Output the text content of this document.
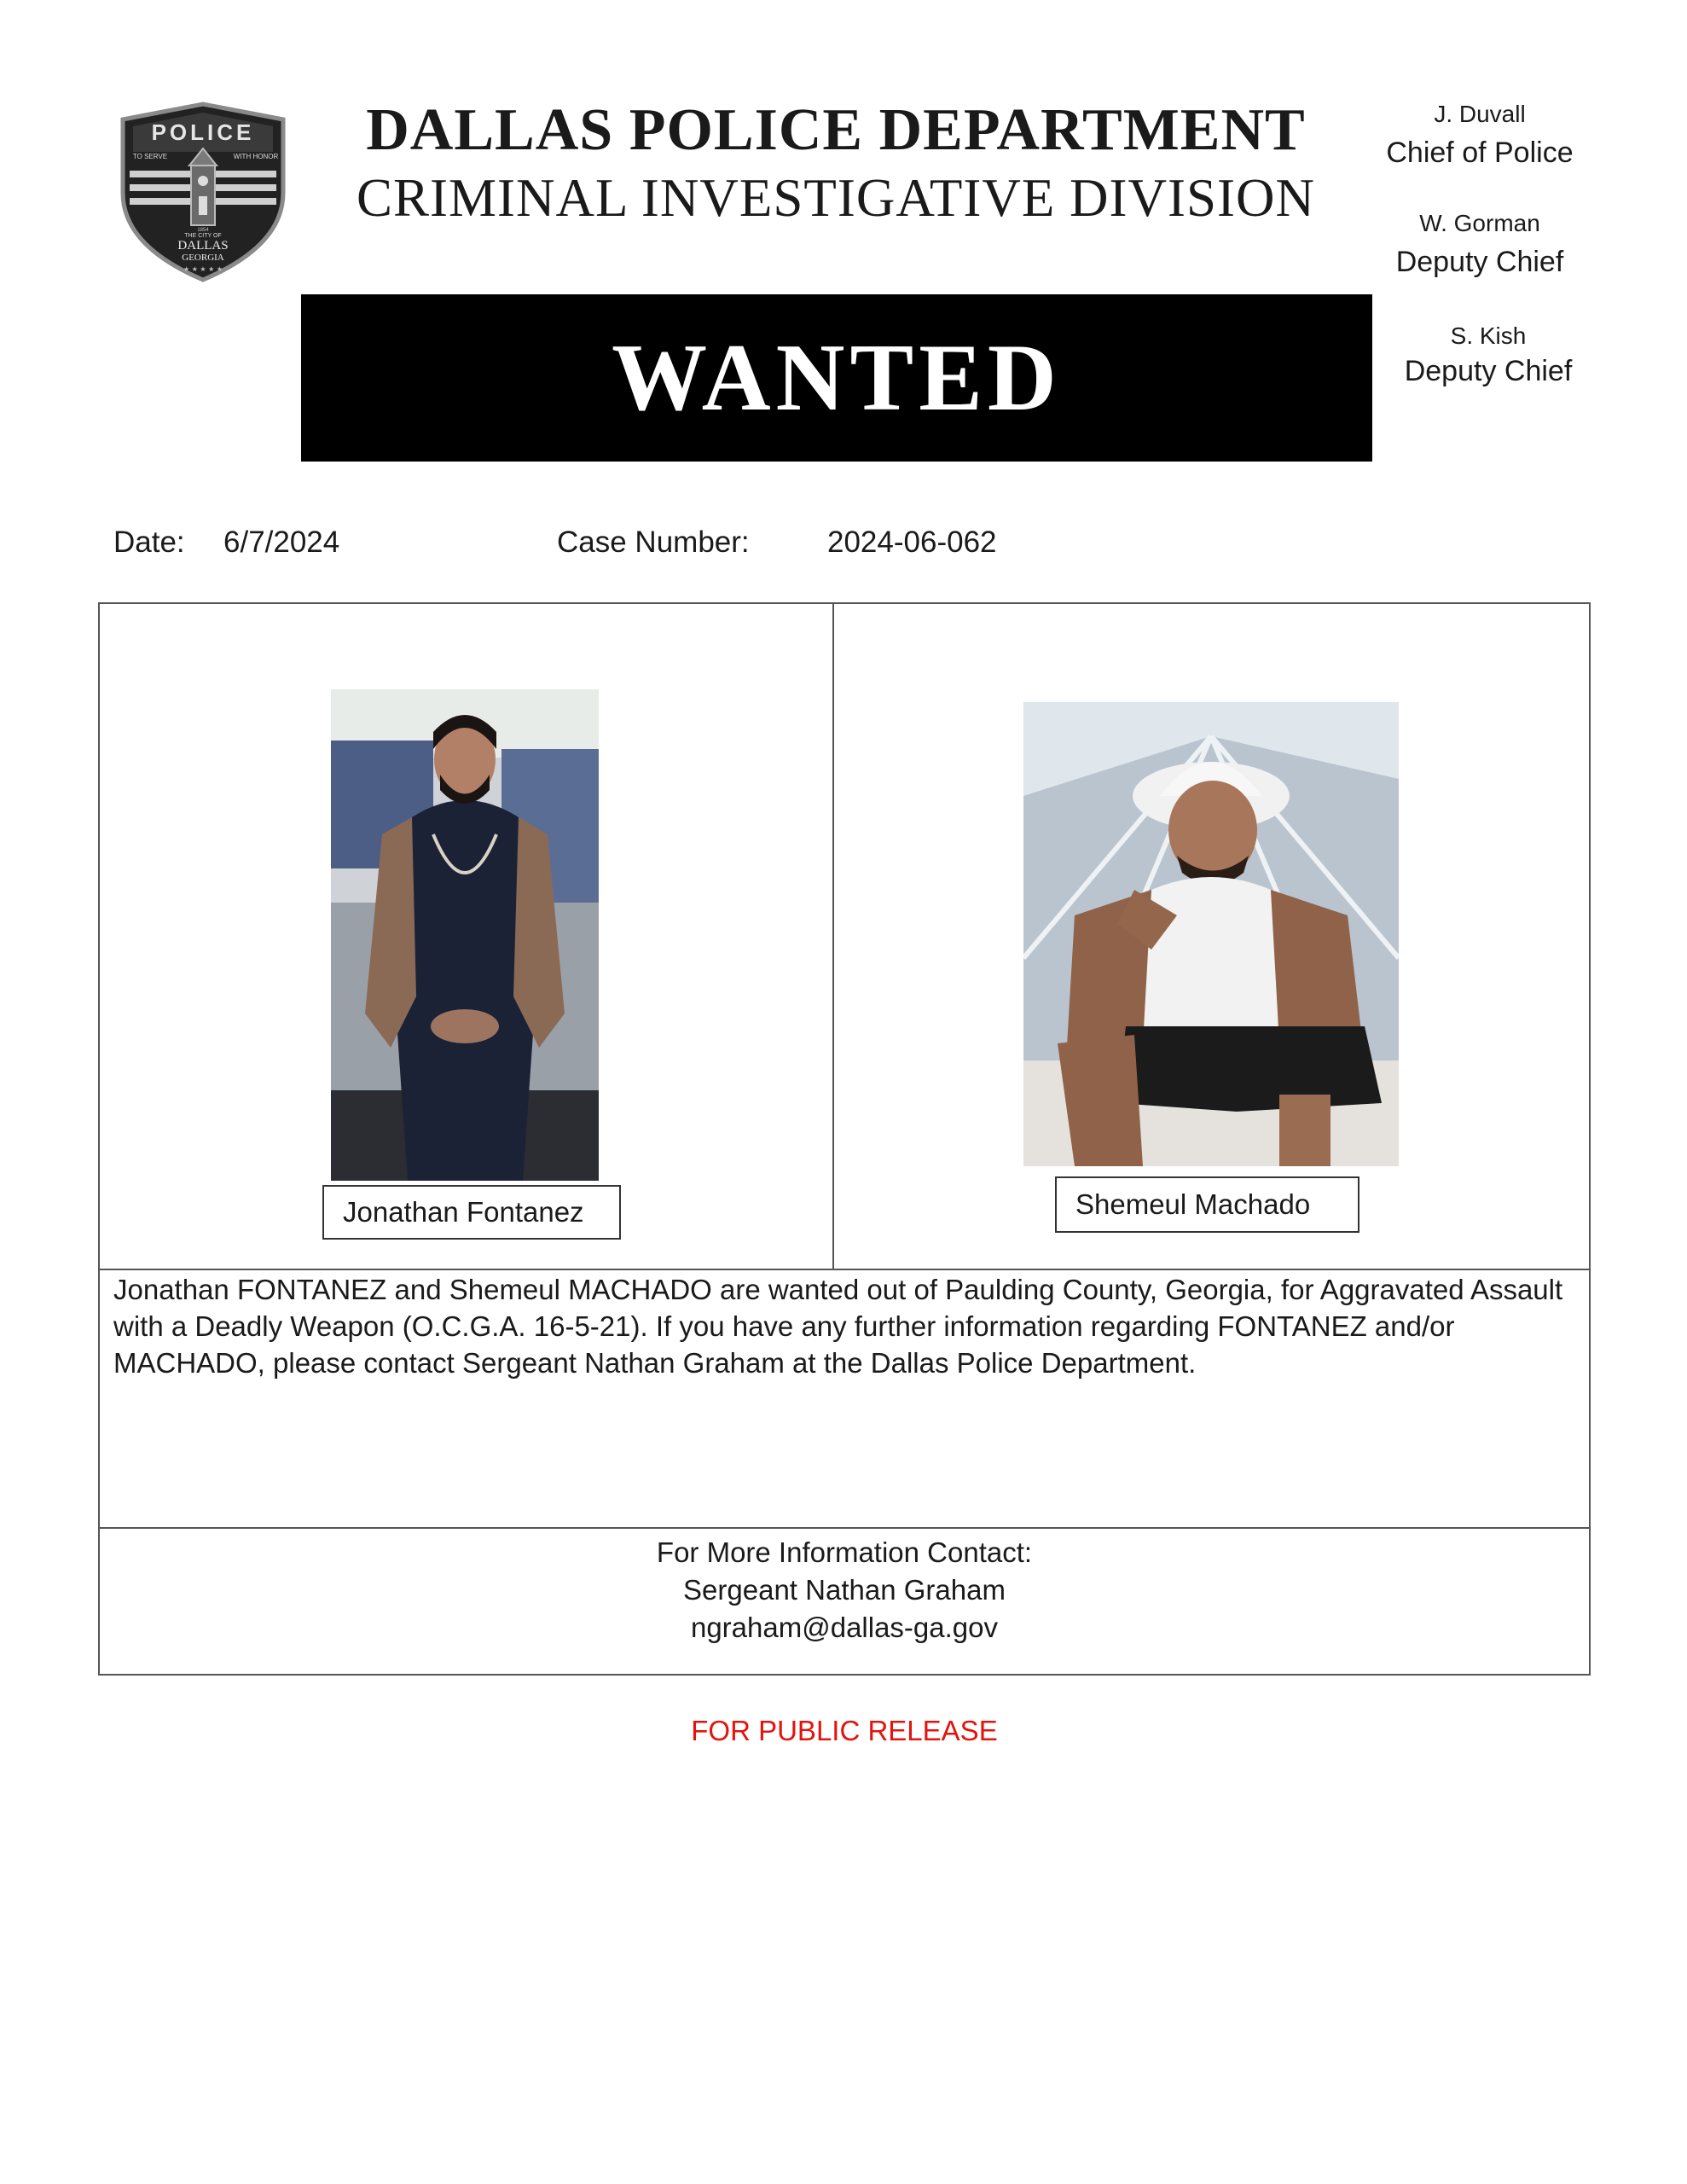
POLICE
TO SERVE	WITH HONOR
THE CITY OF
DALLAS
GEORGIA
1854
★ ★ ★ ★ ★
DALLAS POLICE DEPARTMENT
CRIMINAL INVESTIGATIVE DIVISION
WANTED
J. Duvall
Chief of Police
W. Gorman
Deputy Chief
S. Kish
Deputy Chief
Date: 6/7/2024	Case Number:	2024-06-062
Jonathan Fontanez	Shemeul Machado
Jonathan FONTANEZ and Shemeul MACHADO are wanted out of Paulding County, Georgia, for Aggravated Assault with a Deadly Weapon (O.C.G.A. 16-5-21). If you have any further information regarding FONTANEZ and/or MACHADO, please contact Sergeant Nathan Graham at the Dallas Police Department.
For More Information Contact:
Sergeant Nathan Graham
ngraham@dallas-ga.gov
FOR PUBLIC RELEASE
